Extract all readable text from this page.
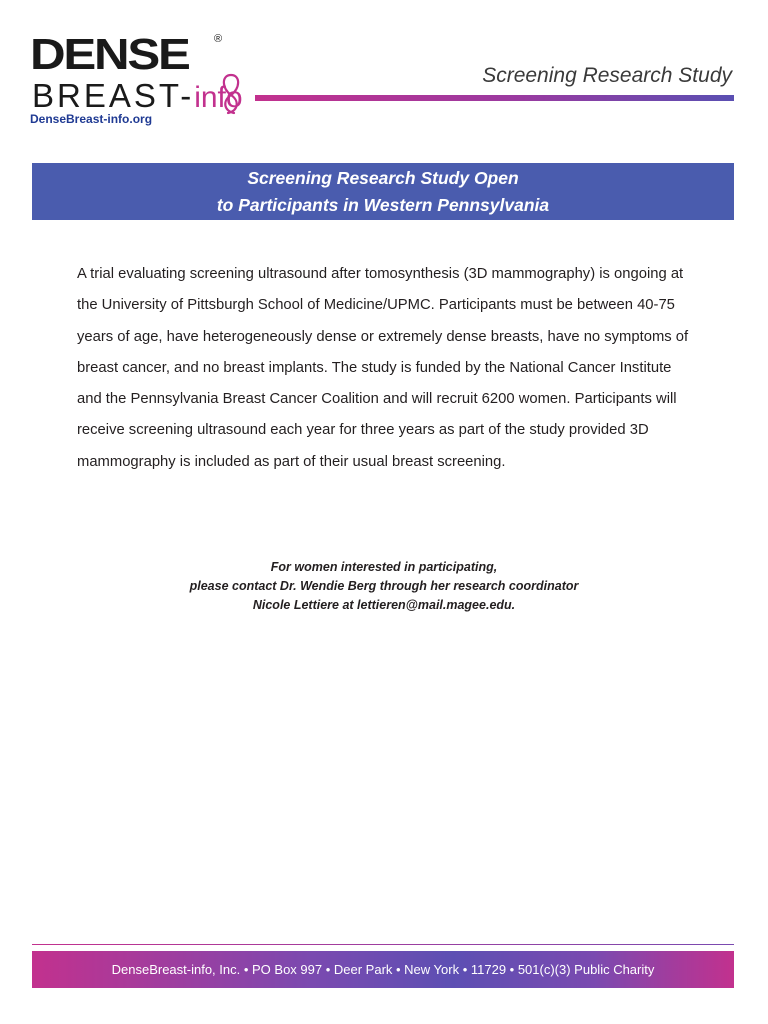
DENSE ®
BREAST-info
DenseBreast-info.org
Screening Research Study
Screening Research Study Open
to Participants in Western Pennsylvania

A trial evaluating screening ultrasound after tomosynthesis (3D mammography) is ongoing at the University of Pittsburgh School of Medicine/UPMC. Participants must be between 40-75 years of age, have heterogeneously dense or extremely dense breasts, have no symptoms of breast cancer, and no breast implants. The study is funded by the National Cancer Institute and the Pennsylvania Breast Cancer Coalition and will recruit 6200 women. Participants will receive screening ultrasound each year for three years as part of the study provided 3D mammography is included as part of their usual breast screening.

For women interested in participating,
please contact Dr. Wendie Berg through her research coordinator
Nicole Lettiere at lettieren@mail.magee.edu.
DenseBreast-info, Inc. • PO Box 997 • Deer Park • New York • 11729 • 501(c)(3) Public Charity
